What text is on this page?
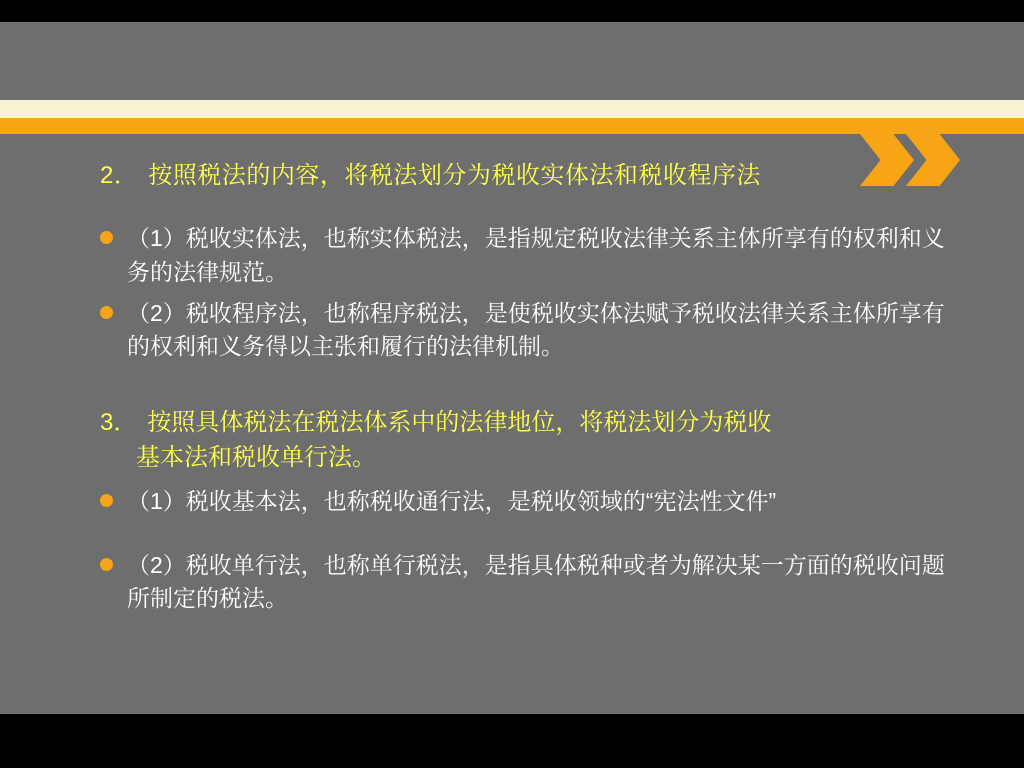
2． 按照税法的内容，将税法划分为税收实体法和税收程序法
（1）税收实体法，也称实体税法，是指规定税收法律关系主体所享有的权利和义务的法律规范。
（2）税收程序法，也称程序税法，是使税收实体法赋予税收法律关系主体所享有的权利和义务得以主张和履行的法律机制。
3． 按照具体税法在税法体系中的法律地位，将税法划分为税收
基本法和税收单行法。
（1）税收基本法，也称税收通行法，是税收领域的“宪法性文件”
（2）税收单行法，也称单行税法，是指具体税种或者为解决某一方面的税收问题所制定的税法。
